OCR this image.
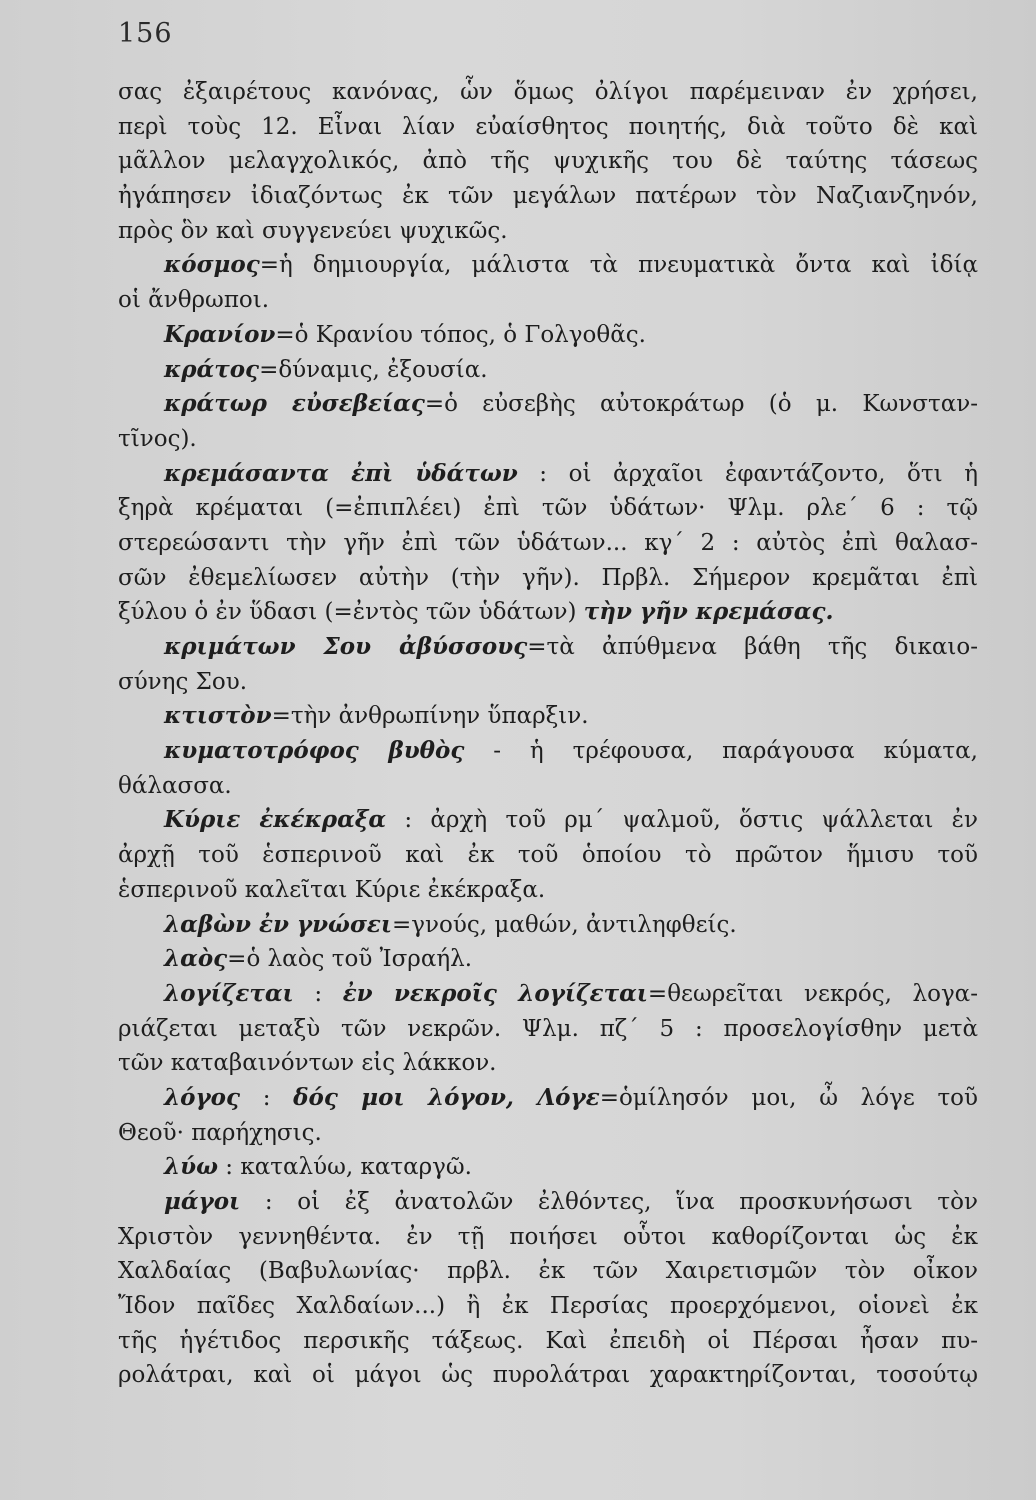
156
σας ἐξαιρέτους κανόνας, ὧν ὅμως ὀλίγοι παρέμειναν ἐν χρήσει,
περὶ τοὺς 12. Εἶναι λίαν εὐαίσθητος ποιητής, διὰ τοῦτο δὲ καὶ
μᾶλλον μελαγχολικός, ἀπὸ τῆς ψυχικῆς του δὲ ταύτης τάσεως
ἠγάπησεν ἰδιαζόντως ἐκ τῶν μεγάλων πατέρων τὸν Ναζιανζηνόν,
πρὸς ὃν καὶ συγγενεύει ψυχικῶς.
κόσμος=ἡ δημιουργία, μάλιστα τὰ πνευματικὰ ὄντα καὶ ἰδίᾳ
οἱ ἄνθρωποι.
Κρανίον=ὁ Κρανίου τόπος, ὁ Γολγοθᾶς.
κράτος=δύναμις, ἐξουσία.
κράτωρ εὐσεβείας=ὁ εὐσεβὴς αὐτοκράτωρ (ὁ μ. Κωνσταν-
τῖνος).
κρεμάσαντα ἐπὶ ὑδάτων : οἱ ἀρχαῖοι ἐφαντάζοντο, ὅτι ἡ
ξηρὰ κρέμαται (=ἐπιπλέει) ἐπὶ τῶν ὑδάτων· Ψλμ. ρλε΄ 6 : τῷ
στερεώσαντι τὴν γῆν ἐπὶ τῶν ὑδάτων... κγ΄ 2 : αὐτὸς ἐπὶ θαλασ-
σῶν ἐθεμελίωσεν αὐτὴν (τὴν γῆν). Πρβλ. Σήμερον κρεμᾶται ἐπὶ
ξύλου ὁ ἐν ὕδασι (=ἐντὸς τῶν ὑδάτων) τὴν γῆν κρεμάσας.
κριμάτων Σου ἀβύσσους=τὰ ἀπύθμενα βάθη τῆς δικαιο-
σύνης Σου.
κτιστὸν=τὴν ἀνθρωπίνην ὕπαρξιν.
κυματοτρόφος βυθὸς - ἡ τρέφουσα, παράγουσα κύματα,
θάλασσα.
Κύριε ἐκέκραξα : ἀρχὴ τοῦ ρμ΄ ψαλμοῦ, ὅστις ψάλλεται ἐν
ἀρχῇ τοῦ ἑσπερινοῦ καὶ ἐκ τοῦ ὁποίου τὸ πρῶτον ἥμισυ τοῦ
ἑσπερινοῦ καλεῖται Κύριε ἐκέκραξα.
λαβὼν ἐν γνώσει=γνούς, μαθών, ἀντιληφθείς.
λαὸς=ὁ λαὸς τοῦ Ἰσραήλ.
λογίζεται : ἐν νεκροῖς λογίζεται=θεωρεῖται νεκρός, λογα-
ριάζεται μεταξὺ τῶν νεκρῶν. Ψλμ. πζ΄ 5 : προσελογίσθην μετὰ
τῶν καταβαινόντων εἰς λάκκον.
λόγος : δός μοι λόγον, Λόγε=ὁμίλησόν μοι, ὦ λόγε τοῦ
Θεοῦ· παρήχησις.
λύω : καταλύω, καταργῶ.
μάγοι : οἱ ἐξ ἀνατολῶν ἐλθόντες, ἵνα προσκυνήσωσι τὸν
Χριστὸν γεννηθέντα. ἐν τῇ ποιήσει οὗτοι καθορίζονται ὡς ἐκ
Χαλδαίας (Βαβυλωνίας· πρβλ. ἐκ τῶν Χαιρετισμῶν τὸν οἶκον
Ἴδον παῖδες Χαλδαίων...) ἢ ἐκ Περσίας προερχόμενοι, οἱονεὶ ἐκ
τῆς ἡγέτιδος περσικῆς τάξεως. Καὶ ἐπειδὴ οἱ Πέρσαι ἦσαν πυ-
ρολάτραι, καὶ οἱ μάγοι ὡς πυρολάτραι χαρακτηρίζονται, τοσούτῳ
